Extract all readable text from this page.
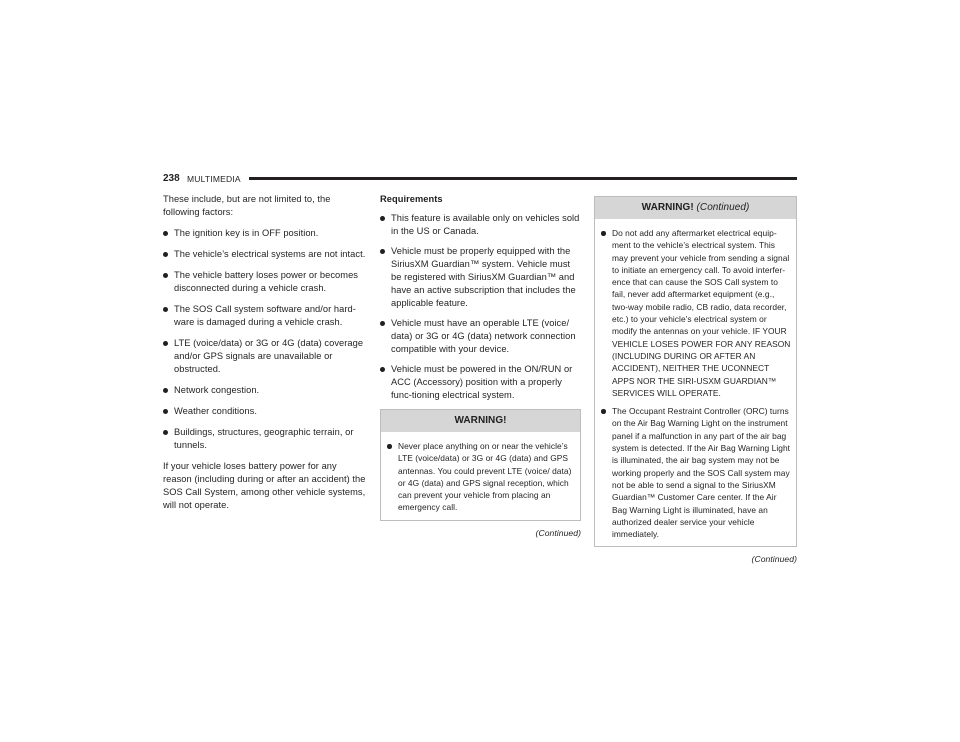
238 MULTIMEDIA

These include, but are not limited to, the following factors:

The ignition key is in OFF position.
The vehicle’s electrical systems are not intact.
The vehicle battery loses power or becomes disconnected during a vehicle crash.
The SOS Call system software and/or hard-ware is damaged during a vehicle crash.
LTE (voice/data) or 3G or 4G (data) coverage and/or GPS signals are unavailable or obstructed.
Network congestion.
Weather conditions.
Buildings, structures, geographic terrain, or tunnels.

If your vehicle loses battery power for any reason (including during or after an accident) the SOS Call System, among other vehicle systems, will not operate.

Requirements

This feature is available only on vehicles sold in the US or Canada.
Vehicle must be properly equipped with the SiriusXM Guardian™ system. Vehicle must be registered with SiriusXM Guardian™ and have an active subscription that includes the applicable feature.
Vehicle must have an operable LTE (voice/ data) or 3G or 4G (data) network connection compatible with your device.
Vehicle must be powered in the ON/RUN or ACC (Accessory) position with a properly func-tioning electrical system.
WARNING!
Never place anything on or near the vehicle’s LTE (voice/data) or 3G or 4G (data) and GPS antennas. You could prevent LTE (voice/ data) or 4G (data) and GPS signal reception, which can prevent your vehicle from placing an emergency call.

(Continued)

WARNING! (Continued)
Do not add any aftermarket electrical equip-ment to the vehicle’s electrical system. This may prevent your vehicle from sending a signal to initiate an emergency call. To avoid interfer-ence that can cause the SOS Call system to fail, never add aftermarket equipment (e.g., two-way mobile radio, CB radio, data recorder, etc.) to your vehicle’s electrical system or modify the antennas on your vehicle. IF YOUR VEHICLE LOSES POWER FOR ANY REASON (INCLUDING DURING OR AFTER AN ACCIDENT), NEITHER THE UCONNECT APPS NOR THE SIRI-USXM GUARDIAN™ SERVICES WILL OPERATE.
The Occupant Restraint Controller (ORC) turns on the Air Bag Warning Light on the instrument panel if a malfunction in any part of the air bag system is detected. If the Air Bag Warning Light is illuminated, the air bag system may not be working properly and the SOS Call system may not be able to send a signal to the SiriusXM Guardian™ Customer Care center. If the Air Bag Warning Light is illuminated, have an authorized dealer service your vehicle immediately.

(Continued)
